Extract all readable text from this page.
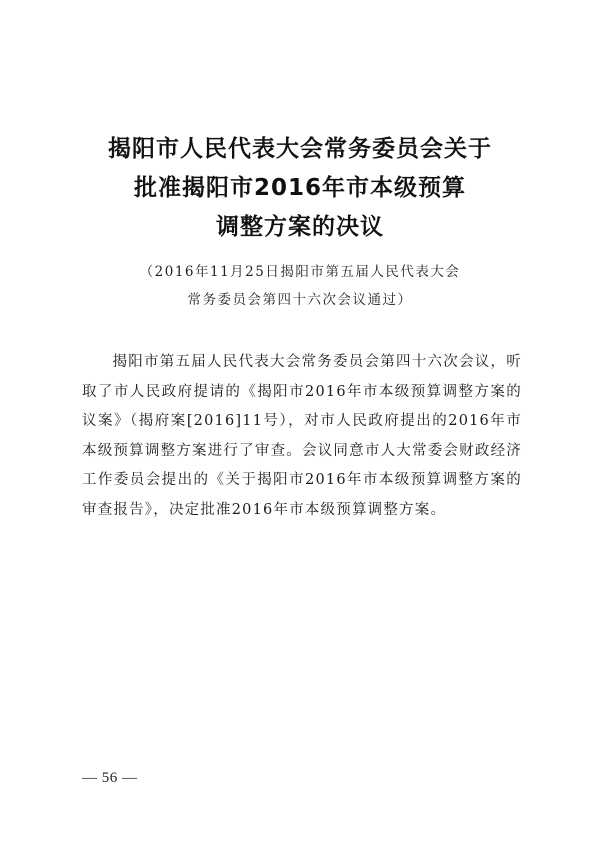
揭阳市人民代表大会常务委员会关于
批准揭阳市2016年市本级预算
调整方案的决议
（2016年11月25日揭阳市第五届人民代表大会
常务委员会第四十六次会议通过）

揭阳市第五届人民代表大会常务委员会第四十六次会议，听取了市人民政府提请的《揭阳市2016年市本级预算调整方案的议案》（揭府案[2016]11号），对市人民政府提出的2016年市本级预算调整方案进行了审查。会议同意市人大常委会财政经济工作委员会提出的《关于揭阳市2016年市本级预算调整方案的审查报告》，决定批准2016年市本级预算调整方案。

— 56 —
